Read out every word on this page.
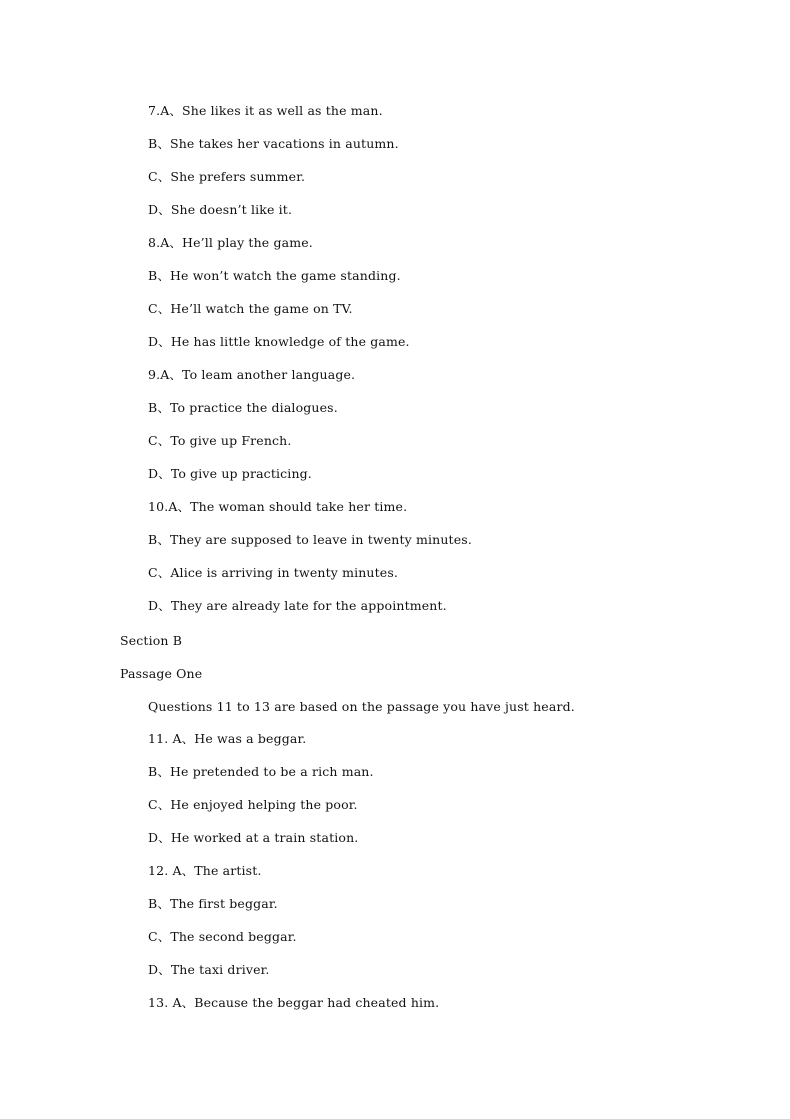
7.A、She likes it as well as the man.
B、She takes her vacations in autumn.
C、She prefers summer.
D、She doesn’t like it.
8.A、He’ll play the game.
B、He won’t watch the game standing.
C、He’ll watch the game on TV.
D、He has little knowledge of the game.
9.A、To leam another language.
B、To practice the dialogues.
C、To give up French.
D、To give up practicing.
10.A、The woman should take her time.
B、They are supposed to leave in twenty minutes.
C、Alice is arriving in twenty minutes.
D、They are already late for the appointment.
Section B
Passage One
Questions 11 to 13 are based on the passage you have just heard.
11. A、He was a beggar.
B、He pretended to be a rich man.
C、He enjoyed helping the poor.
D、He worked at a train station.
12. A、The artist.
B、The first beggar.
C、The second beggar.
D、The taxi driver.
13. A、Because the beggar had cheated him.
